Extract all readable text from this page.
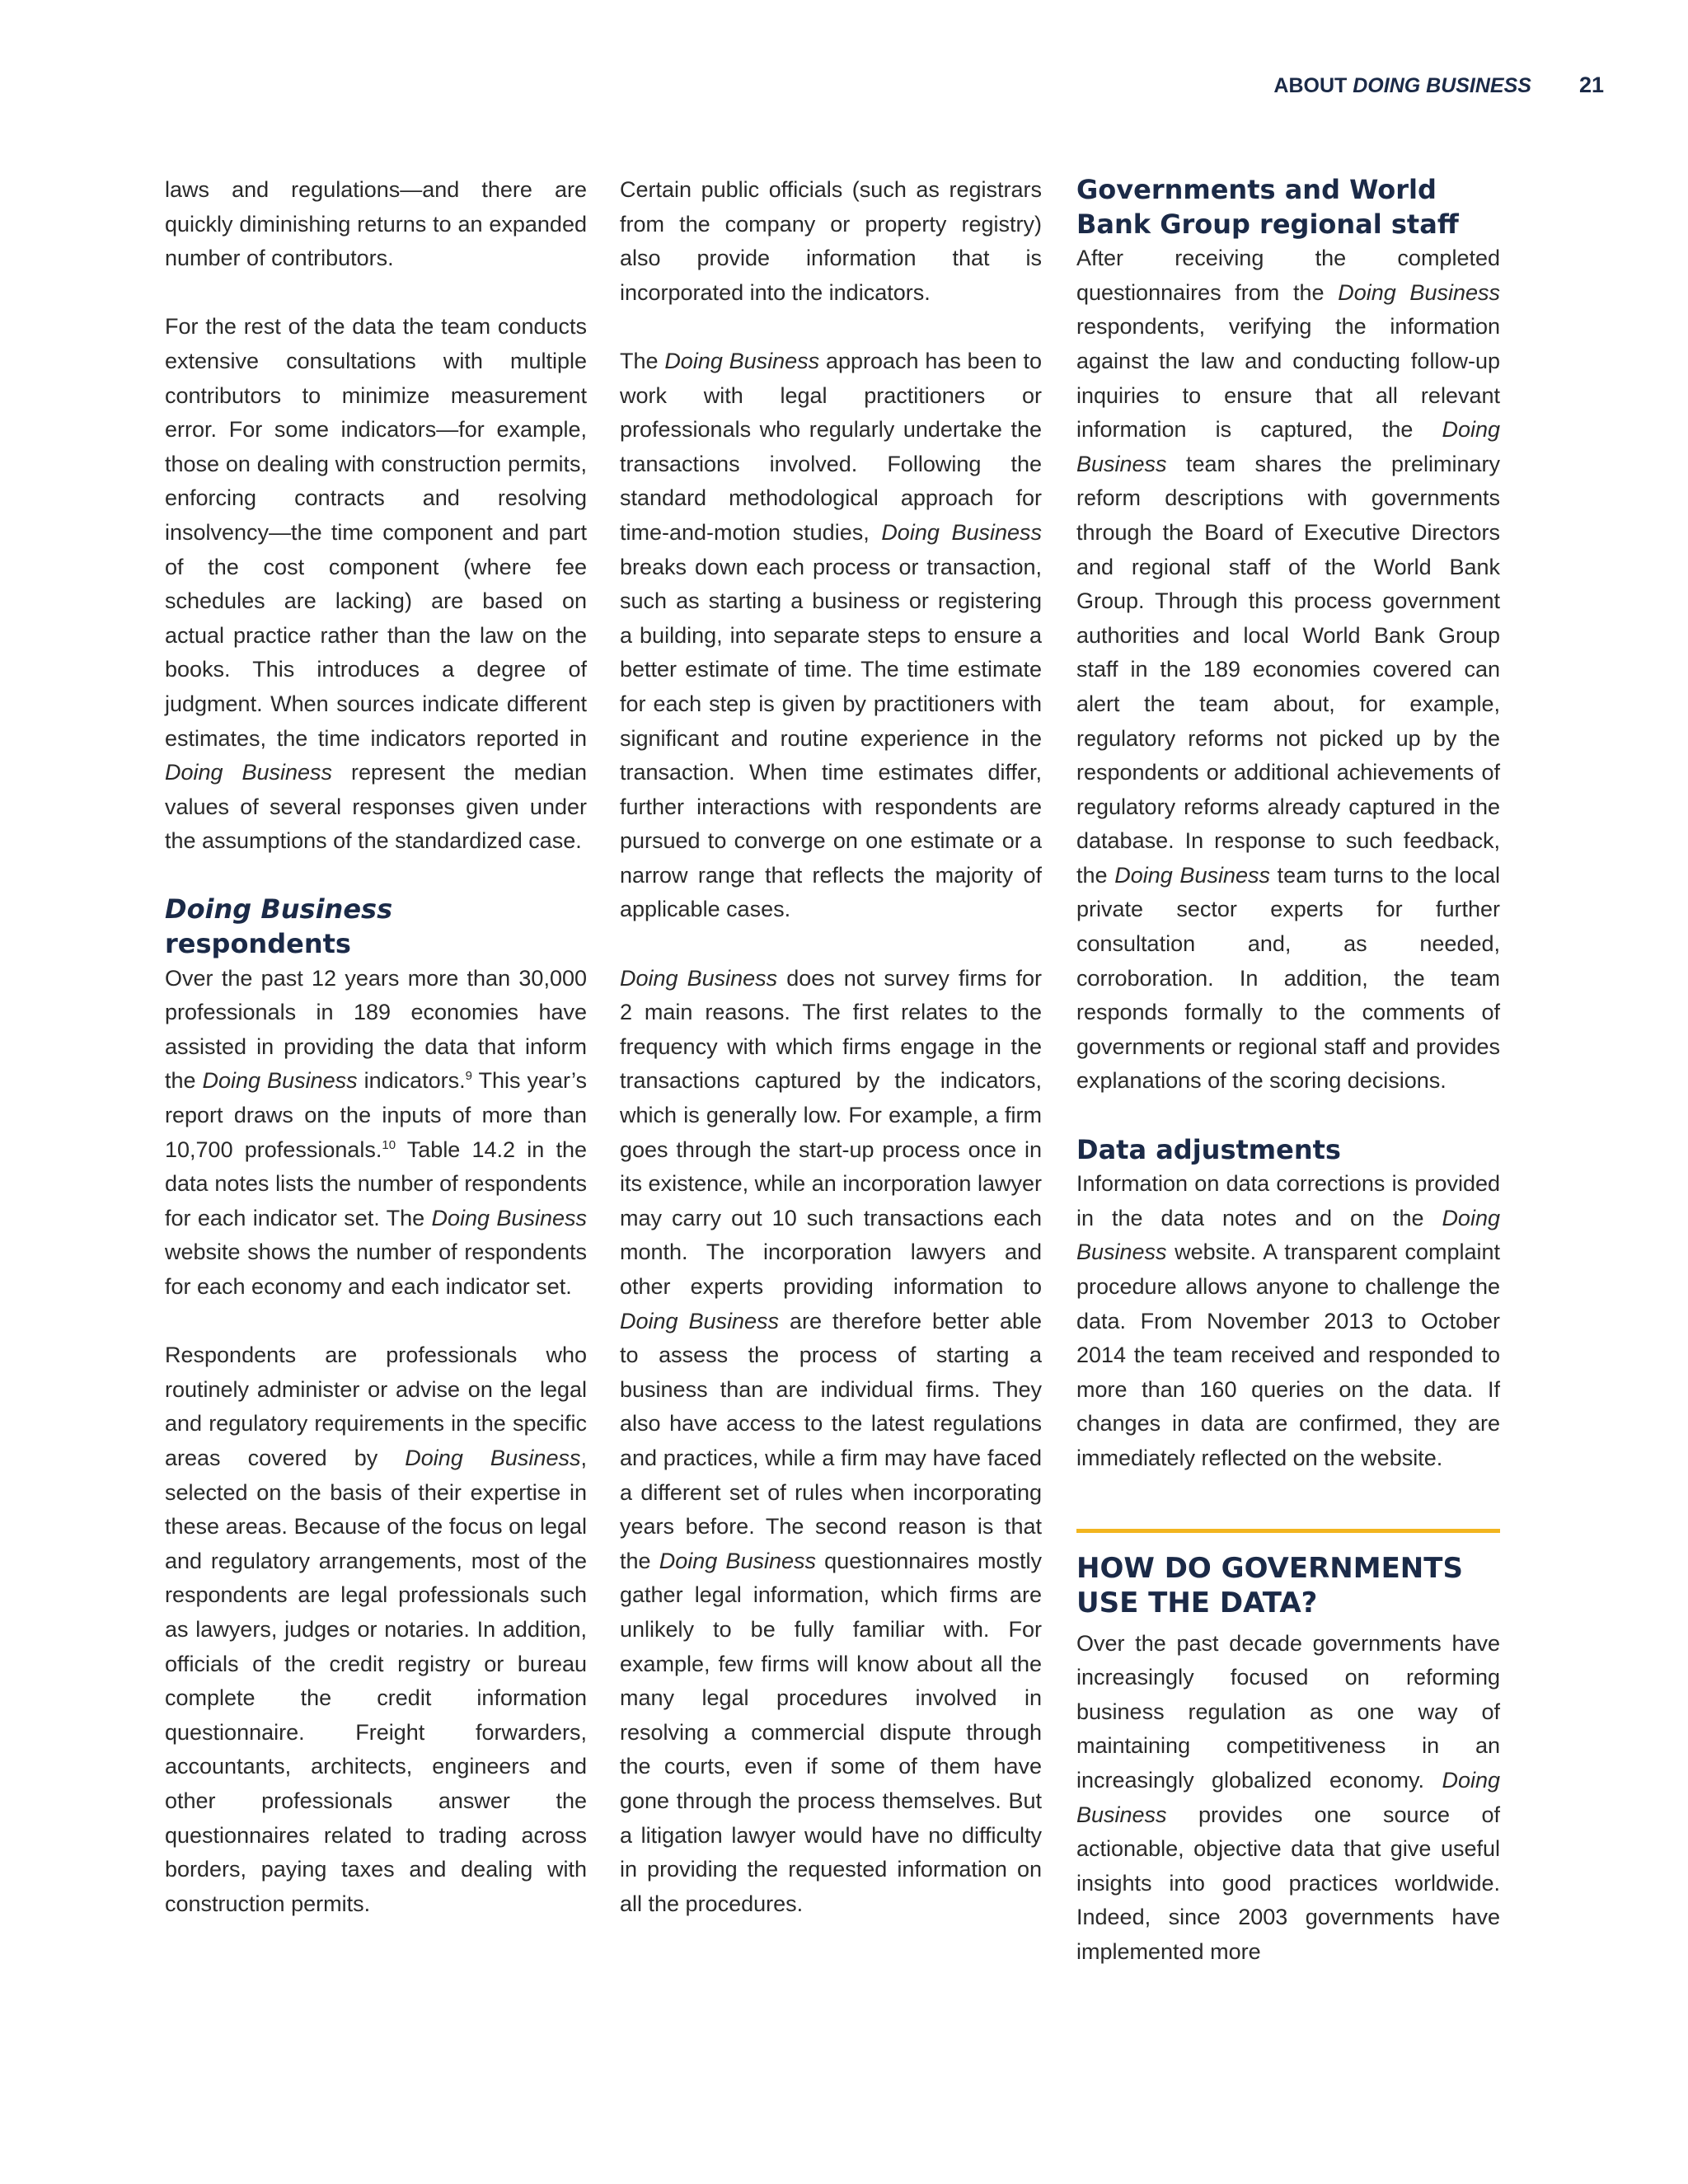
ABOUT DOING BUSINESS 21

laws and regulations—and there are quickly diminishing returns to an expanded number of contributors.

For the rest of the data the team conducts extensive consultations with multiple contributors to minimize measurement error. For some indicators—for example, those on dealing with construction permits, enforcing contracts and resolving insolvency—the time component and part of the cost component (where fee schedules are lacking) are based on actual practice rather than the law on the books. This introduces a degree of judgment. When sources indicate different estimates, the time indicators reported in Doing Business represent the median values of several responses given under the assumptions of the standardized case.

Doing Business respondents

Over the past 12 years more than 30,000 professionals in 189 economies have assisted in providing the data that inform the Doing Business indicators.$^9$ This year’s report draws on the inputs of more than 10,700 professionals.$^{10}$ Table 14.2 in the data notes lists the number of respondents for each indicator set. The Doing Business website shows the number of respondents for each economy and each indicator set.

Respondents are professionals who routinely administer or advise on the legal and regulatory requirements in the specific areas covered by Doing Business, selected on the basis of their expertise in these areas. Because of the focus on legal and regulatory arrangements, most of the respondents are legal professionals such as lawyers, judges or notaries. In addition, officials of the credit registry or bureau complete the credit information questionnaire. Freight forwarders, accountants, architects, engineers and other professionals answer the questionnaires related to trading across borders, paying taxes and dealing with construction permits.

Certain public officials (such as registrars from the company or property registry) also provide information that is incorporated into the indicators.

The Doing Business approach has been to work with legal practitioners or professionals who regularly undertake the transactions involved. Following the standard methodological approach for time-and-motion studies, Doing Business breaks down each process or transaction, such as starting a business or registering a building, into separate steps to ensure a better estimate of time. The time estimate for each step is given by practitioners with significant and routine experience in the transaction. When time estimates differ, further interactions with respondents are pursued to converge on one estimate or a narrow range that reflects the majority of applicable cases.

Doing Business does not survey firms for 2 main reasons. The first relates to the frequency with which firms engage in the transactions captured by the indicators, which is generally low. For example, a firm goes through the start-up process once in its existence, while an incorporation lawyer may carry out 10 such transactions each month. The incorporation lawyers and other experts providing information to Doing Business are therefore better able to assess the process of starting a business than are individual firms. They also have access to the latest regulations and practices, while a firm may have faced a different set of rules when incorporating years before. The second reason is that the Doing Business questionnaires mostly gather legal information, which firms are unlikely to be fully familiar with. For example, few firms will know about all the many legal procedures involved in resolving a commercial dispute through the courts, even if some of them have gone through the process themselves. But a litigation lawyer would have no difficulty in providing the requested information on all the procedures.

Governments and World Bank Group regional staff

After receiving the completed questionnaires from the Doing Business respondents, verifying the information against the law and conducting follow-up inquiries to ensure that all relevant information is captured, the Doing Business team shares the preliminary reform descriptions with governments through the Board of Executive Directors and regional staff of the World Bank Group. Through this process government authorities and local World Bank Group staff in the 189 economies covered can alert the team about, for example, regulatory reforms not picked up by the respondents or additional achievements of regulatory reforms already captured in the database. In response to such feedback, the Doing Business team turns to the local private sector experts for further consultation and, as needed, corroboration. In addition, the team responds formally to the comments of governments or regional staff and provides explanations of the scoring decisions.

Data adjustments

Information on data corrections is provided in the data notes and on the Doing Business website. A transparent complaint procedure allows anyone to challenge the data. From November 2013 to October 2014 the team received and responded to more than 160 queries on the data. If changes in data are confirmed, they are immediately reflected on the website.

HOW DO GOVERNMENTS USE THE DATA?

Over the past decade governments have increasingly focused on reforming business regulation as one way of maintaining competitiveness in an increasingly globalized economy. Doing Business provides one source of actionable, objective data that give useful insights into good practices worldwide. Indeed, since 2003 governments have implemented more
